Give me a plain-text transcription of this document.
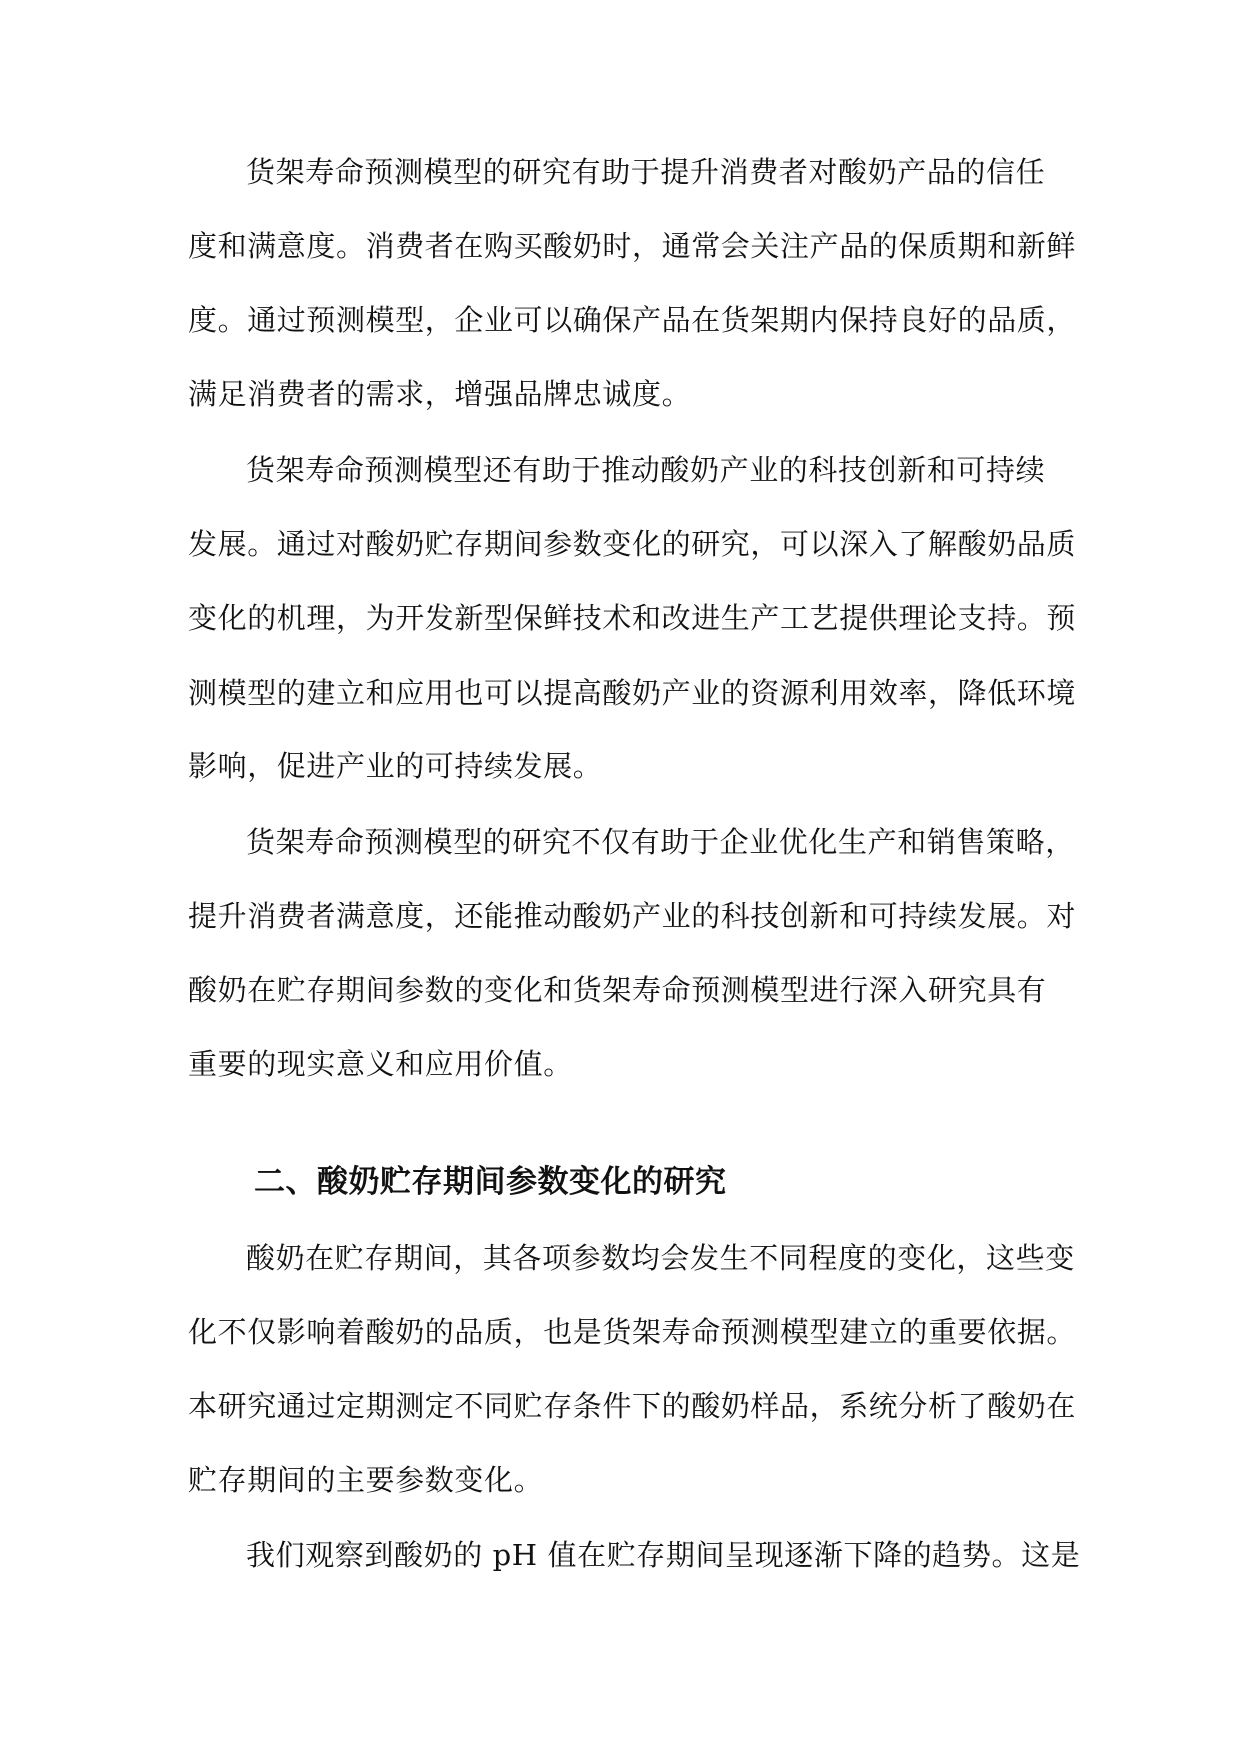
货架寿命预测模型的研究有助于提升消费者对酸奶产品的信任
度和满意度。消费者在购买酸奶时，通常会关注产品的保质期和新鲜
度。通过预测模型，企业可以确保产品在货架期内保持良好的品质，
满足消费者的需求，增强品牌忠诚度。
货架寿命预测模型还有助于推动酸奶产业的科技创新和可持续
发展。通过对酸奶贮存期间参数变化的研究，可以深入了解酸奶品质
变化的机理，为开发新型保鲜技术和改进生产工艺提供理论支持。预
测模型的建立和应用也可以提高酸奶产业的资源利用效率，降低环境
影响，促进产业的可持续发展。
货架寿命预测模型的研究不仅有助于企业优化生产和销售策略，
提升消费者满意度，还能推动酸奶产业的科技创新和可持续发展。对
酸奶在贮存期间参数的变化和货架寿命预测模型进行深入研究具有
重要的现实意义和应用价值。
二、酸奶贮存期间参数变化的研究
酸奶在贮存期间，其各项参数均会发生不同程度的变化，这些变
化不仅影响着酸奶的品质，也是货架寿命预测模型建立的重要依据。
本研究通过定期测定不同贮存条件下的酸奶样品，系统分析了酸奶在
贮存期间的主要参数变化。
我们观察到酸奶的 pH 值在贮存期间呈现逐渐下降的趋势。这是
